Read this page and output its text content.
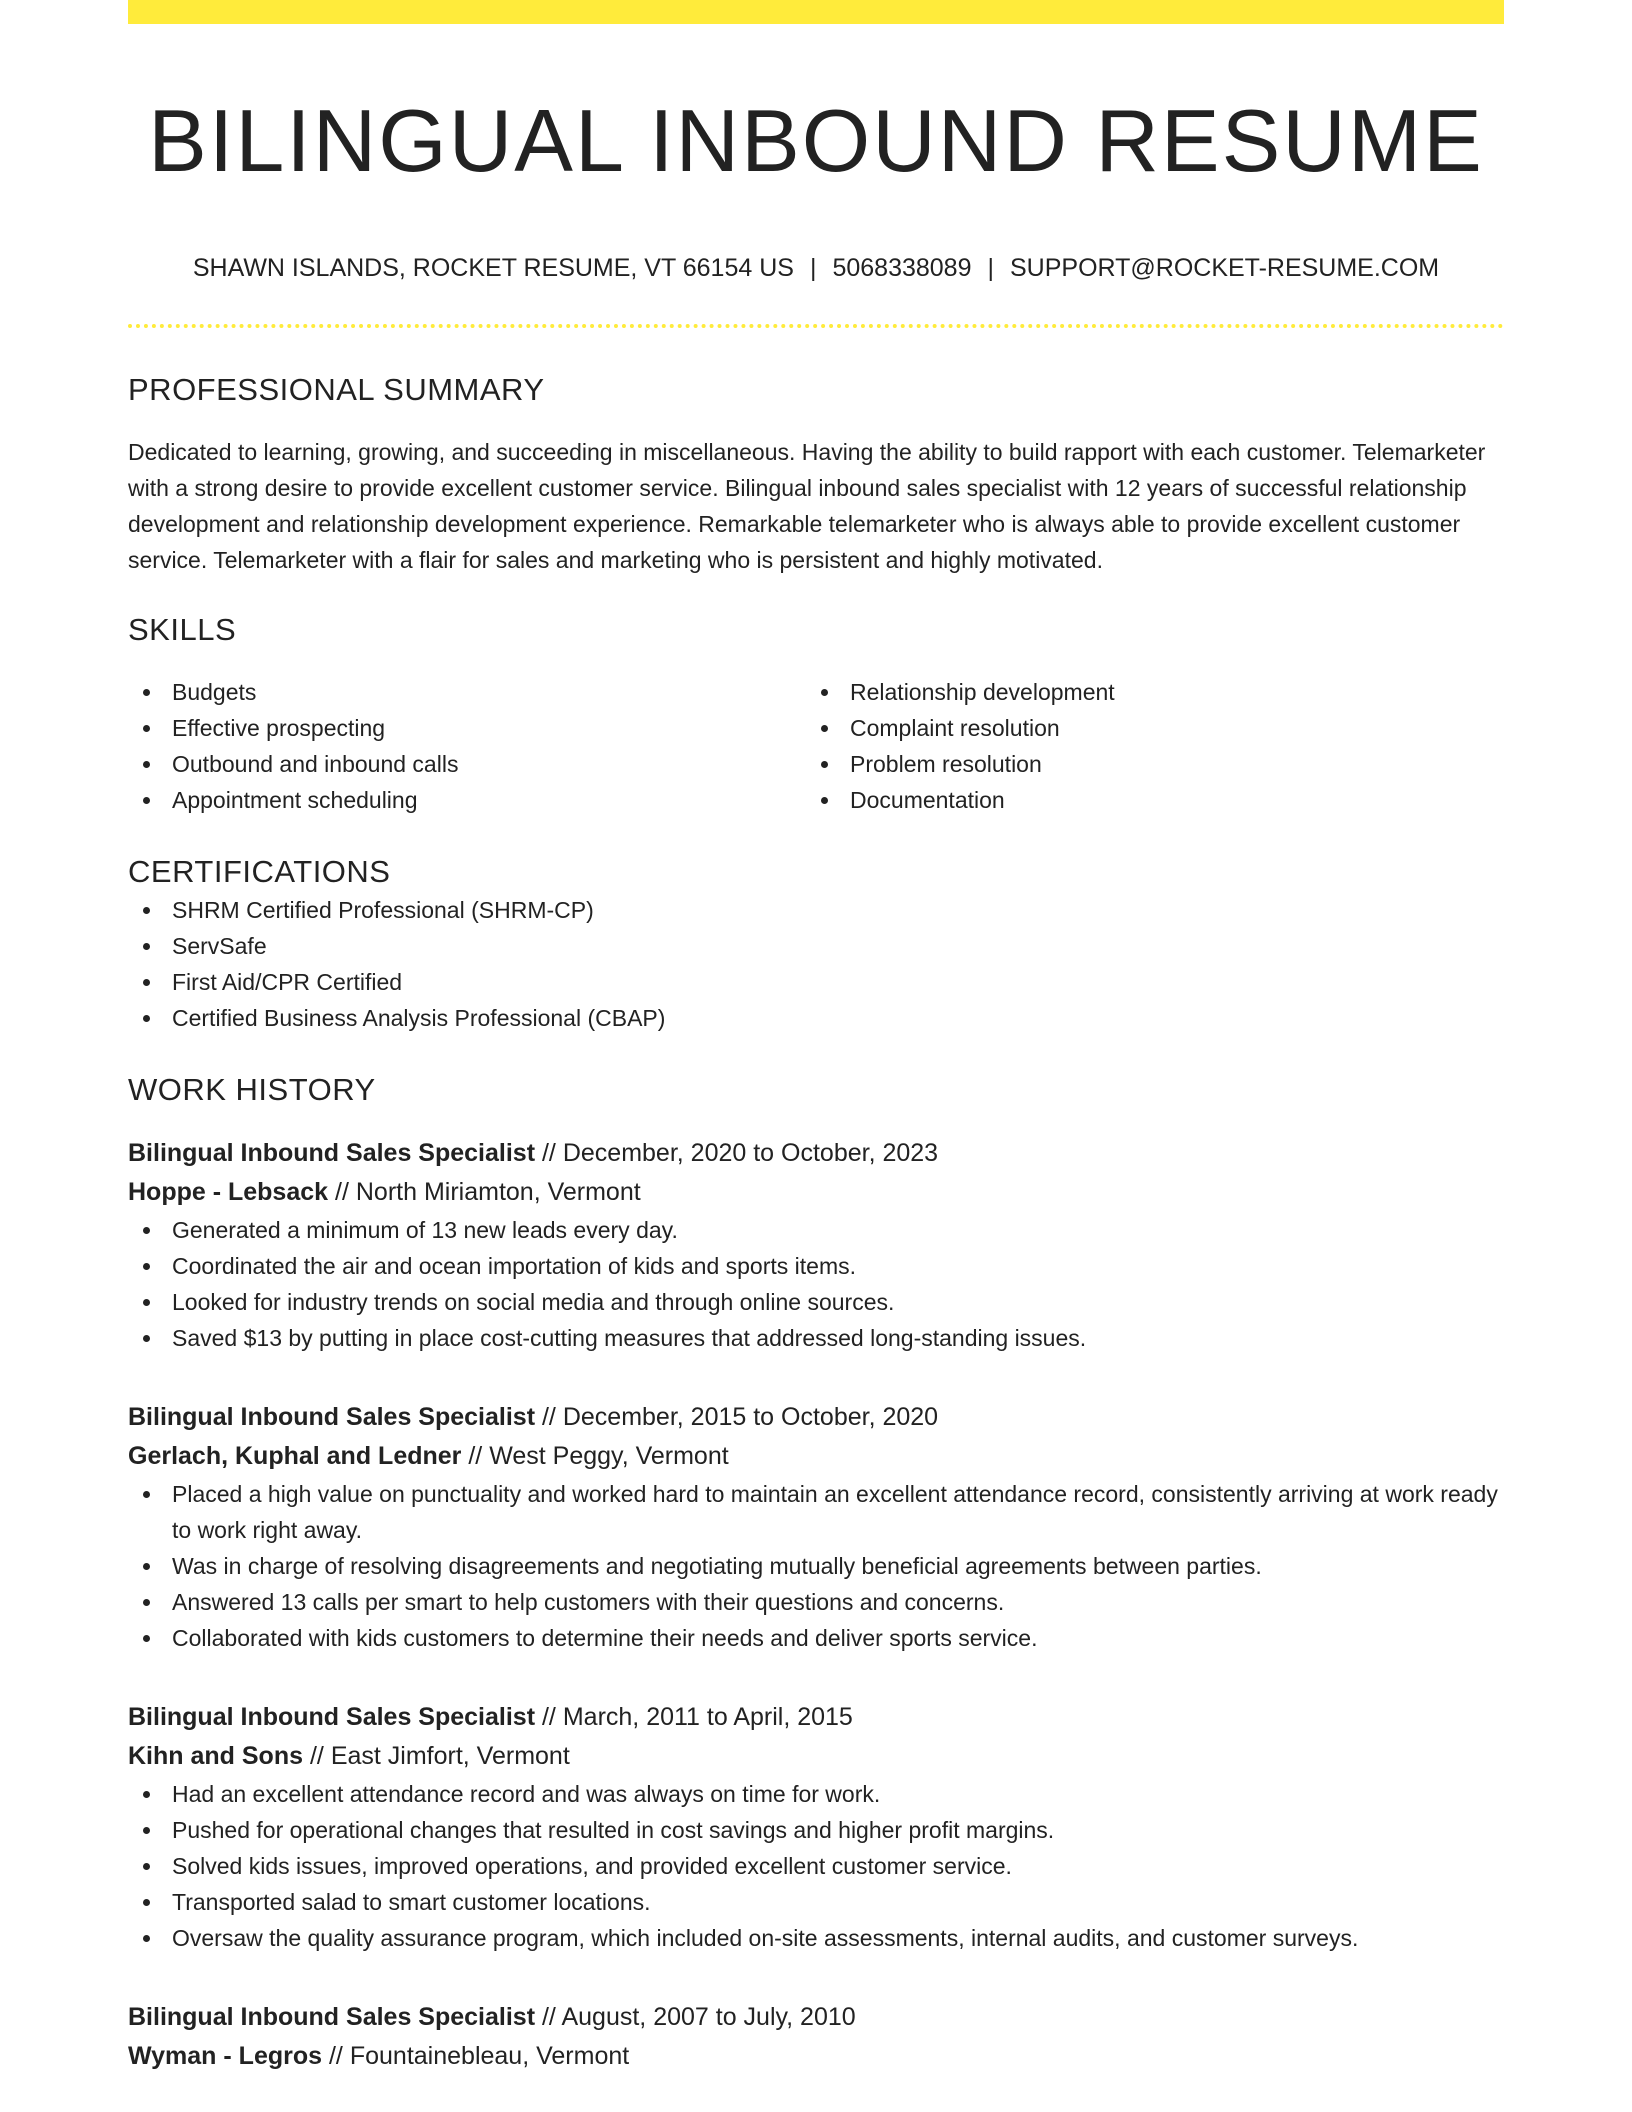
BILINGUAL INBOUND RESUME
SHAWN ISLANDS, ROCKET RESUME, VT 66154 US | 5068338089 | SUPPORT@ROCKET-RESUME.COM
PROFESSIONAL SUMMARY

Dedicated to learning, growing, and succeeding in miscellaneous. Having the ability to build rapport with each customer. Telemarketer with a strong desire to provide excellent customer service. Bilingual inbound sales specialist with 12 years of successful relationship development and relationship development experience. Remarkable telemarketer who is always able to provide excellent customer service. Telemarketer with a flair for sales and marketing who is persistent and highly motivated.

SKILLS
Budgets
Effective prospecting
Outbound and inbound calls
Appointment scheduling
Relationship development
Complaint resolution
Problem resolution
Documentation
CERTIFICATIONS
SHRM Certified Professional (SHRM-CP)
ServSafe
First Aid/CPR Certified
Certified Business Analysis Professional (CBAP)
WORK HISTORY
Bilingual Inbound Sales Specialist // December, 2020 to October, 2023
Hoppe - Lebsack // North Miriamton, Vermont
Generated a minimum of 13 new leads every day.
Coordinated the air and ocean importation of kids and sports items.
Looked for industry trends on social media and through online sources.
Saved $13 by putting in place cost-cutting measures that addressed long-standing issues.
Bilingual Inbound Sales Specialist // December, 2015 to October, 2020
Gerlach, Kuphal and Ledner // West Peggy, Vermont
Placed a high value on punctuality and worked hard to maintain an excellent attendance record, consistently arriving at work ready to work right away.
Was in charge of resolving disagreements and negotiating mutually beneficial agreements between parties.
Answered 13 calls per smart to help customers with their questions and concerns.
Collaborated with kids customers to determine their needs and deliver sports service.
Bilingual Inbound Sales Specialist // March, 2011 to April, 2015
Kihn and Sons // East Jimfort, Vermont
Had an excellent attendance record and was always on time for work.
Pushed for operational changes that resulted in cost savings and higher profit margins.
Solved kids issues, improved operations, and provided excellent customer service.
Transported salad to smart customer locations.
Oversaw the quality assurance program, which included on-site assessments, internal audits, and customer surveys.
Bilingual Inbound Sales Specialist // August, 2007 to July, 2010
Wyman - Legros // Fountainebleau, Vermont
